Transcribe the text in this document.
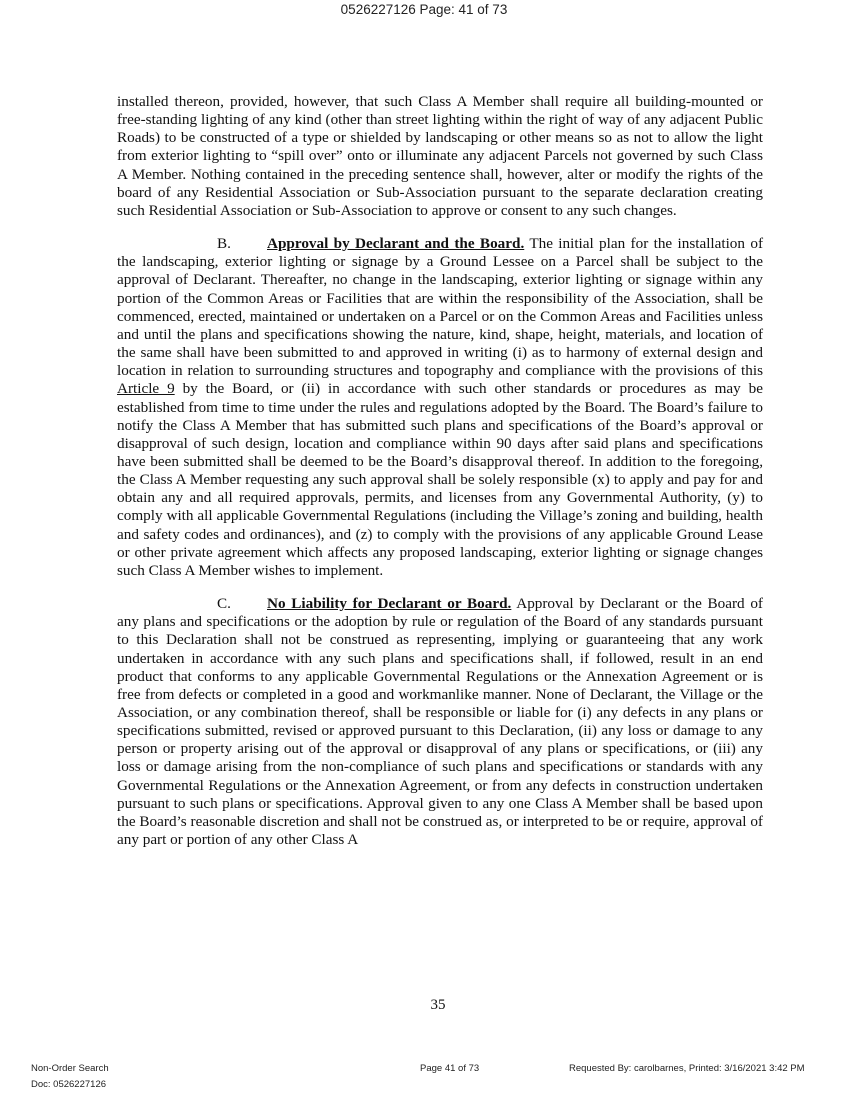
0526227126 Page: 41 of 73

installed thereon, provided, however, that such Class A Member shall require all building-mounted or free-standing lighting of any kind (other than street lighting within the right of way of any adjacent Public Roads) to be constructed of a type or shielded by landscaping or other means so as not to allow the light from exterior lighting to “spill over” onto or illuminate any adjacent Parcels not governed by such Class A Member. Nothing contained in the preceding sentence shall, however, alter or modify the rights of the board of any Residential Association or Sub-Association pursuant to the separate declaration creating such Residential Association or Sub-Association to approve or consent to any such changes.

B. Approval by Declarant and the Board. The initial plan for the installation of the landscaping, exterior lighting or signage by a Ground Lessee on a Parcel shall be subject to the approval of Declarant. Thereafter, no change in the landscaping, exterior lighting or signage within any portion of the Common Areas or Facilities that are within the responsibility of the Association, shall be commenced, erected, maintained or undertaken on a Parcel or on the Common Areas and Facilities unless and until the plans and specifications showing the nature, kind, shape, height, materials, and location of the same shall have been submitted to and approved in writing (i) as to harmony of external design and location in relation to surrounding structures and topography and compliance with the provisions of this Article 9 by the Board, or (ii) in accordance with such other standards or procedures as may be established from time to time under the rules and regulations adopted by the Board. The Board’s failure to notify the Class A Member that has submitted such plans and specifications of the Board’s approval or disapproval of such design, location and compliance within 90 days after said plans and specifications have been submitted shall be deemed to be the Board’s disapproval thereof. In addition to the foregoing, the Class A Member requesting any such approval shall be solely responsible (x) to apply and pay for and obtain any and all required approvals, permits, and licenses from any Governmental Authority, (y) to comply with all applicable Governmental Regulations (including the Village’s zoning and building, health and safety codes and ordinances), and (z) to comply with the provisions of any applicable Ground Lease or other private agreement which affects any proposed landscaping, exterior lighting or signage changes such Class A Member wishes to implement.

C. No Liability for Declarant or Board. Approval by Declarant or the Board of any plans and specifications or the adoption by rule or regulation of the Board of any standards pursuant to this Declaration shall not be construed as representing, implying or guaranteeing that any work undertaken in accordance with any such plans and specifications shall, if followed, result in an end product that conforms to any applicable Governmental Regulations or the Annexation Agreement or is free from defects or completed in a good and workmanlike manner. None of Declarant, the Village or the Association, or any combination thereof, shall be responsible or liable for (i) any defects in any plans or specifications submitted, revised or approved pursuant to this Declaration, (ii) any loss or damage to any person or property arising out of the approval or disapproval of any plans or specifications, or (iii) any loss or damage arising from the non-compliance of such plans and specifications or standards with any Governmental Regulations or the Annexation Agreement, or from any defects in construction undertaken pursuant to such plans or specifications. Approval given to any one Class A Member shall be based upon the Board’s reasonable discretion and shall not be construed as, or interpreted to be or require, approval of any part or portion of any other Class A

35
Non-Order Search
Doc: 0526227126
Page 41 of 73	Requested By: carolbarnes, Printed: 3/16/2021 3:42 PM
